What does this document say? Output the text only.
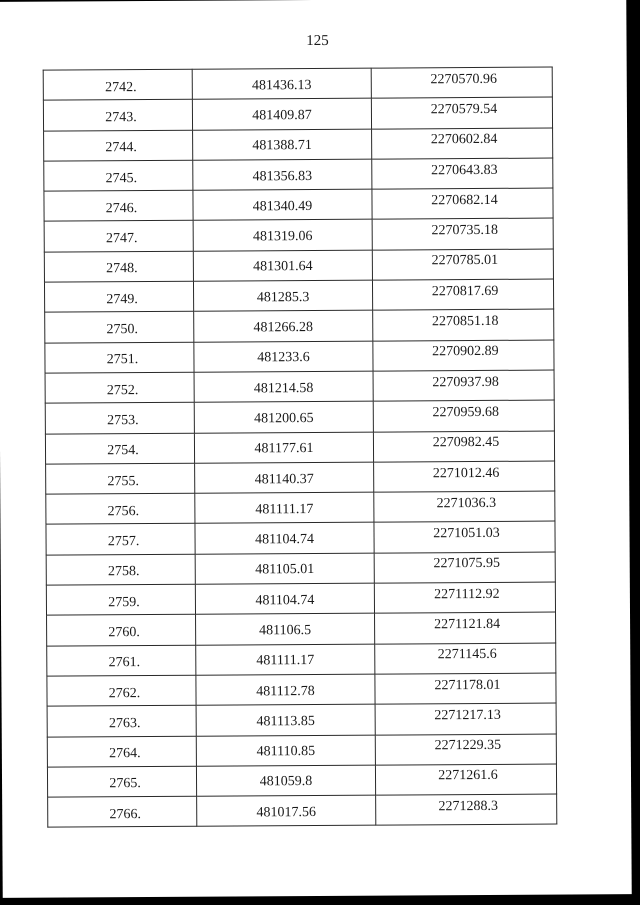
125
2742.	481436.13	2270570.96
2743.	481409.87	2270579.54
2744.	481388.71	2270602.84
2745.	481356.83	2270643.83
2746.	481340.49	2270682.14
2747.	481319.06	2270735.18
2748.	481301.64	2270785.01
2749.	481285.3	2270817.69
2750.	481266.28	2270851.18
2751.	481233.6	2270902.89
2752.	481214.58	2270937.98
2753.	481200.65	2270959.68
2754.	481177.61	2270982.45
2755.	481140.37	2271012.46
2756.	481111.17	2271036.3
2757.	481104.74	2271051.03
2758.	481105.01	2271075.95
2759.	481104.74	2271112.92
2760.	481106.5	2271121.84
2761.	481111.17	2271145.6
2762.	481112.78	2271178.01
2763.	481113.85	2271217.13
2764.	481110.85	2271229.35
2765.	481059.8	2271261.6
2766.	481017.56	2271288.3
